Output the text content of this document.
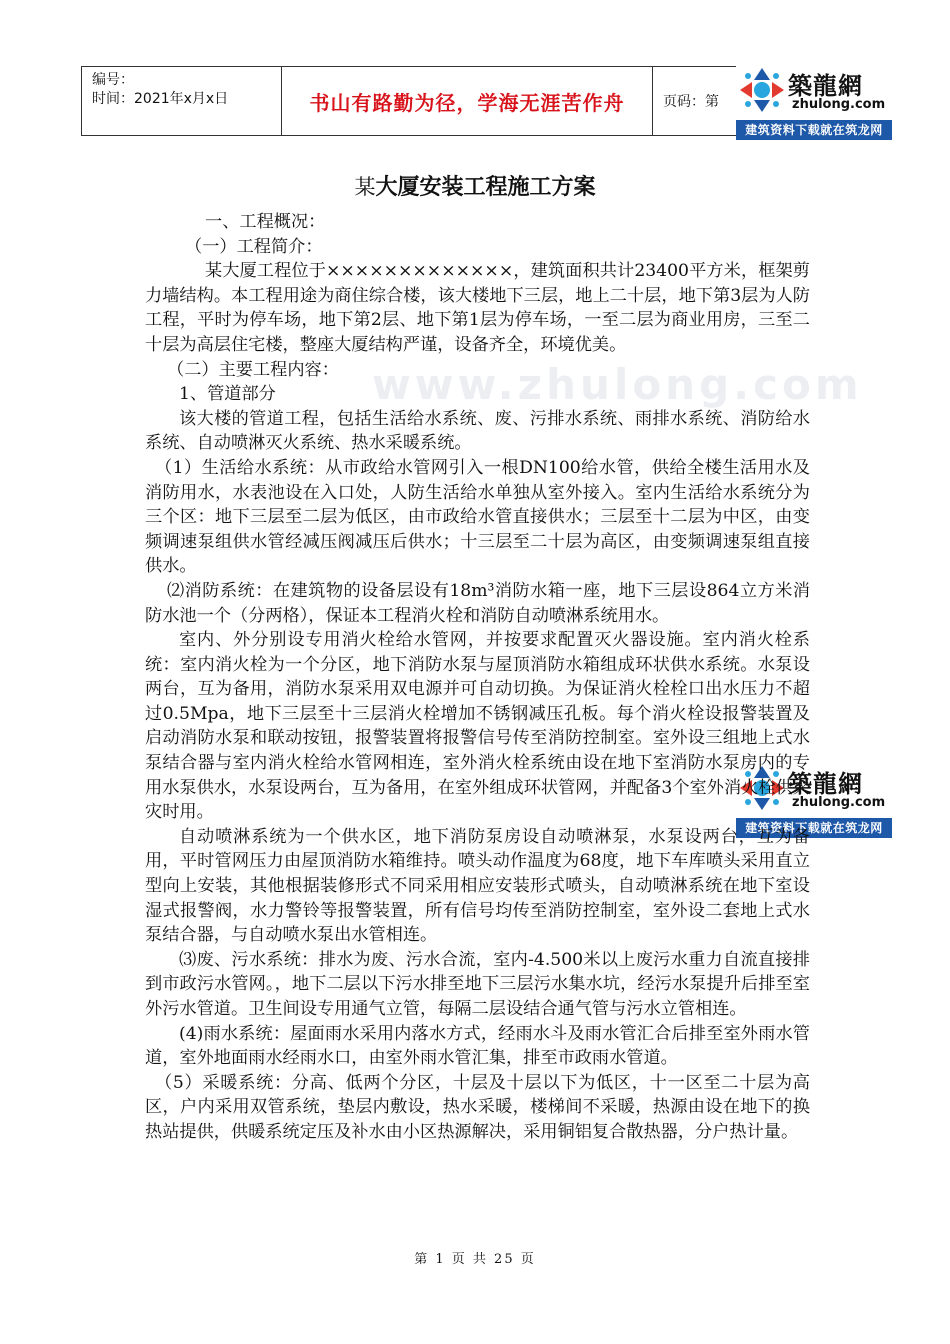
编号：
时间：2021年x月x日	书山有路勤为径，学海无涯苦作舟	页码：第
築龍網
zhulong.com
建筑资料下载就在筑龙网
築龍網
zhulong.com
建筑资料下载就在筑龙网
www.zhulong.com
某大厦安装工程施工方案

一、工程概况：

（一）工程简介：

某大厦工程位于×××××××××××××，建筑面积共计23400平方米，框架剪力墙结构。本工程用途为商住综合楼，该大楼地下三层，地上二十层，地下第3层为人防工程，平时为停车场，地下第2层、地下第1层为停车场，一至二层为商业用房，三至二十层为高层住宅楼，整座大厦结构严谨，设备齐全，环境优美。

（二）主要工程内容：

1、管道部分

该大楼的管道工程，包括生活给水系统、废、污排水系统、雨排水系统、消防给水系统、自动喷淋灭火系统、热水采暖系统。

（1）生活给水系统：从市政给水管网引入一根DN100给水管，供给全楼生活用水及消防用水，水表池设在入口处，人防生活给水单独从室外接入。室内生活给水系统分为三个区：地下三层至二层为低区，由市政给水管直接供水；三层至十二层为中区，由变频调速泵组供水管经减压阀减压后供水；十三层至二十层为高区，由变频调速泵组直接供水。

⑵消防系统：在建筑物的设备层设有18m³消防水箱一座，地下三层设864立方米消防水池一个（分两格），保证本工程消火栓和消防自动喷淋系统用水。

室内、外分别设专用消火栓给水管网，并按要求配置灭火器设施。室内消火栓系统：室内消火栓为一个分区，地下消防水泵与屋顶消防水箱组成环状供水系统。水泵设两台，互为备用，消防水泵采用双电源并可自动切换。为保证消火栓栓口出水压力不超过0.5Mpa，地下三层至十三层消火栓增加不锈钢减压孔板。每个消火栓设报警装置及启动消防水泵和联动按钮，报警装置将报警信号传至消防控制室。室外设三组地上式水泵结合器与室内消火栓给水管网相连，室外消火栓系统由设在地下室消防水泵房内的专用水泵供水，水泵设两台，互为备用，在室外组成环状管网，并配备3个室外消火栓供火灾时用。

自动喷淋系统为一个供水区，地下消防泵房设自动喷淋泵，水泵设两台，互为备用，平时管网压力由屋顶消防水箱维持。喷头动作温度为68度，地下车库喷头采用直立型向上安装，其他根据装修形式不同采用相应安装形式喷头，自动喷淋系统在地下室设湿式报警阀，水力警铃等报警装置，所有信号均传至消防控制室，室外设二套地上式水泵结合器，与自动喷水泵出水管相连。

⑶废、污水系统：排水为废、污水合流，室内-4.500米以上废污水重力自流直接排到市政污水管网。，地下二层以下污水排至地下三层污水集水坑，经污水泵提升后排至室外污水管道。卫生间设专用通气立管，每隔二层设结合通气管与污水立管相连。

(4)雨水系统：屋面雨水采用内落水方式，经雨水斗及雨水管汇合后排至室外雨水管道，室外地面雨水经雨水口，由室外雨水管汇集，排至市政雨水管道。

（5）采暖系统：分高、低两个分区，十层及十层以下为低区，十一区至二十层为高区，户内采用双管系统，垫层内敷设，热水采暖，楼梯间不采暖，热源由设在地下的换热站提供，供暖系统定压及补水由小区热源解决，采用铜铝复合散热器，分户热计量。

第 1 页 共 25 页
